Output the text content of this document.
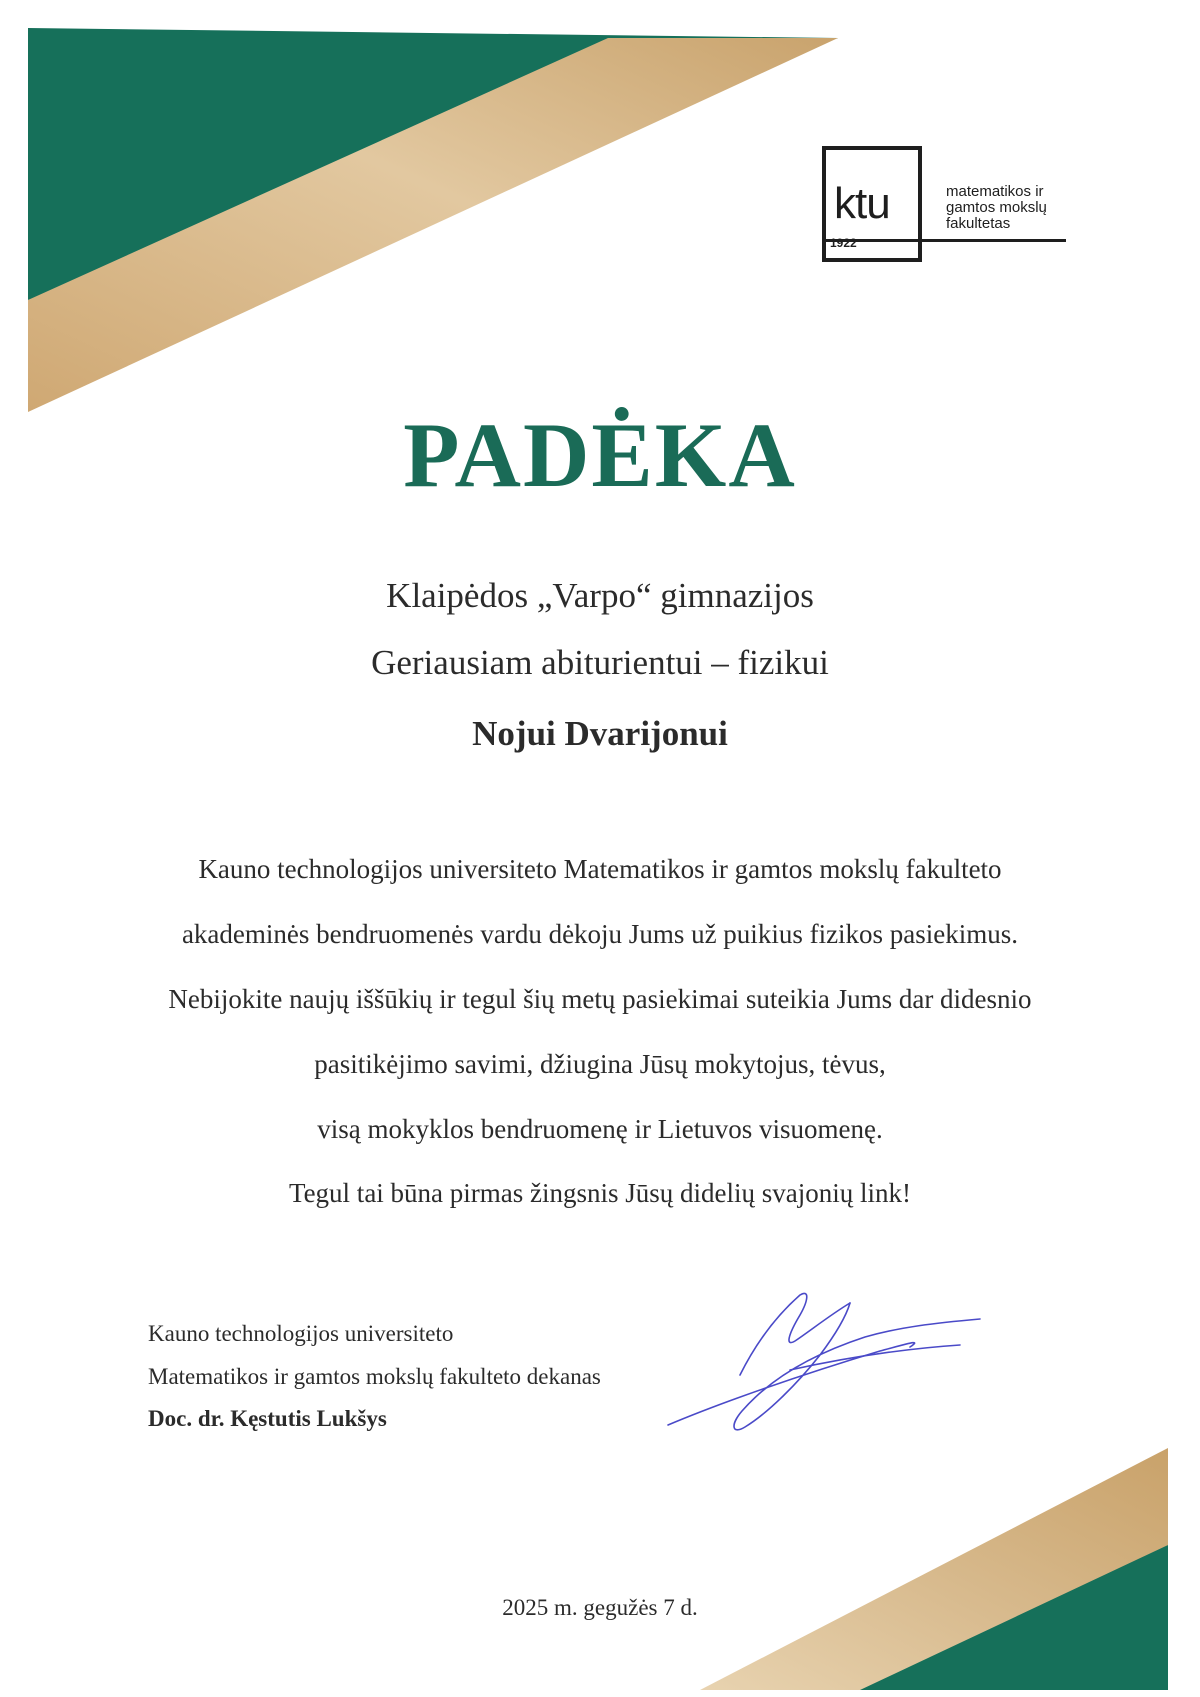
ktu
1922
matematikos ir
gamtos mokslų
fakultetas
PADĖKA
Klaipėdos „Varpo“ gimnazijos
Geriausiam abiturientui – fizikui
Nojui Dvarijonui
Kauno technologijos universiteto Matematikos ir gamtos mokslų fakulteto
akademinės bendruomenės vardu dėkoju Jums už puikius fizikos pasiekimus.
Nebijokite naujų iššūkių ir tegul šių metų pasiekimai suteikia Jums dar didesnio
pasitikėjimo savimi, džiugina Jūsų mokytojus, tėvus,
visą mokyklos bendruomenę ir Lietuvos visuomenę.
Tegul tai būna pirmas žingsnis Jūsų didelių svajonių link!
Kauno technologijos universiteto
Matematikos ir gamtos mokslų fakulteto dekanas
Doc. dr. Kęstutis Lukšys
2025 m. gegužės 7 d.
